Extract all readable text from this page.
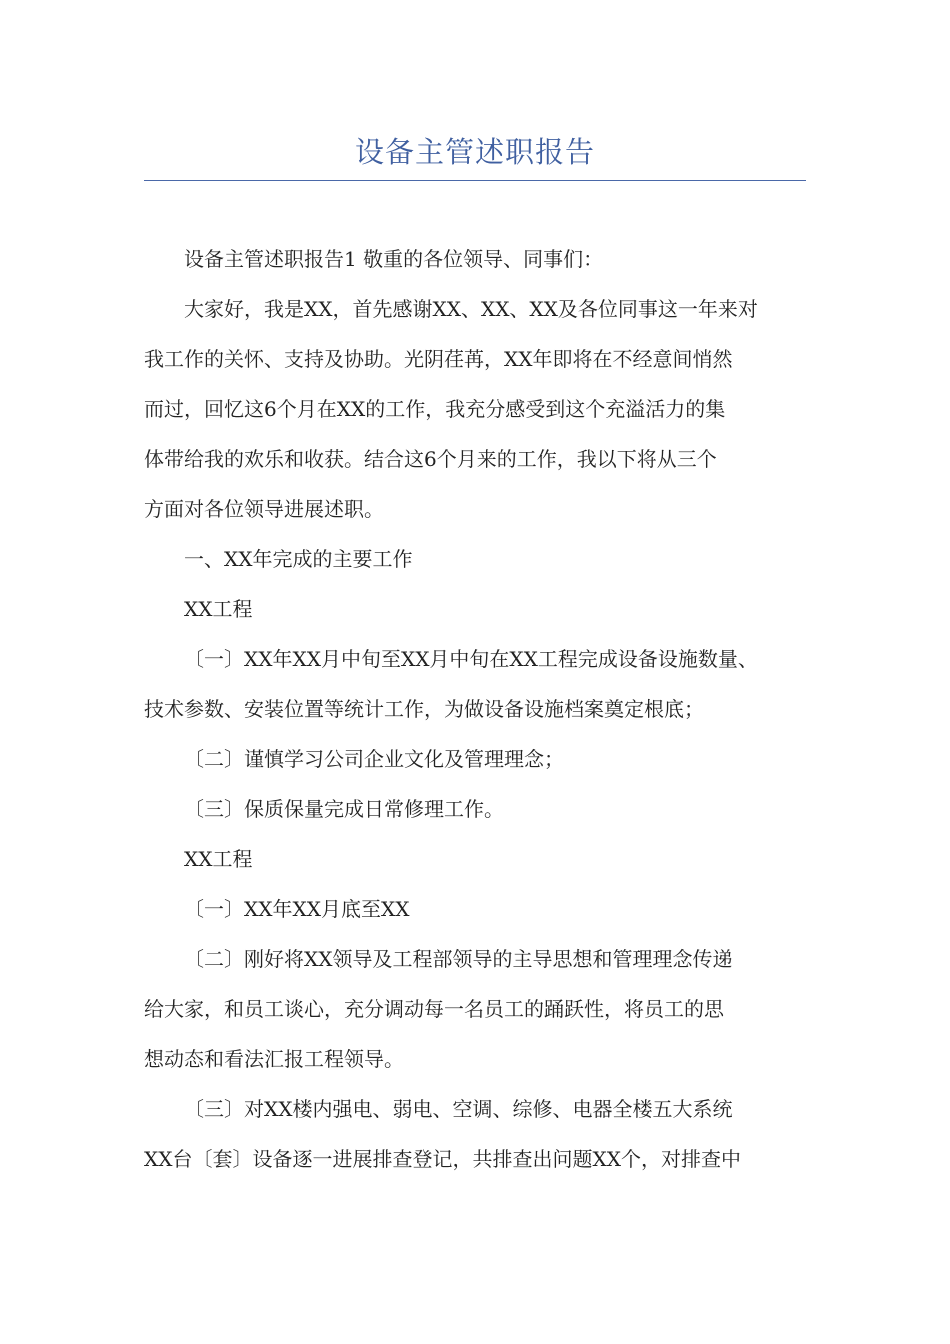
设备主管述职报告

设备主管述职报告1 敬重的各位领导、同事们：

大家好，我是XX，首先感谢XX、XX、XX及各位同事这一年来对
我工作的关怀、支持及协助。光阴荏苒，XX年即将在不经意间悄然
而过，回忆这6个月在XX的工作，我充分感受到这个充溢活力的集
体带给我的欢乐和收获。结合这6个月来的工作，我以下将从三个
方面对各位领导进展述职。

一、XX年完成的主要工作

XX工程

〔一〕XX年XX月中旬至XX月中旬在XX工程完成设备设施数量、
技术参数、安装位置等统计工作，为做设备设施档案奠定根底；

〔二〕谨慎学习公司企业文化及管理理念；

〔三〕保质保量完成日常修理工作。

XX工程

〔一〕XX年XX月底至XX

〔二〕刚好将XX领导及工程部领导的主导思想和管理理念传递
给大家，和员工谈心，充分调动每一名员工的踊跃性，将员工的思
想动态和看法汇报工程领导。

〔三〕对XX楼内强电、弱电、空调、综修、电器全楼五大系统
XX台〔套〕设备逐一进展排查登记，共排查出问题XX个，对排查中
